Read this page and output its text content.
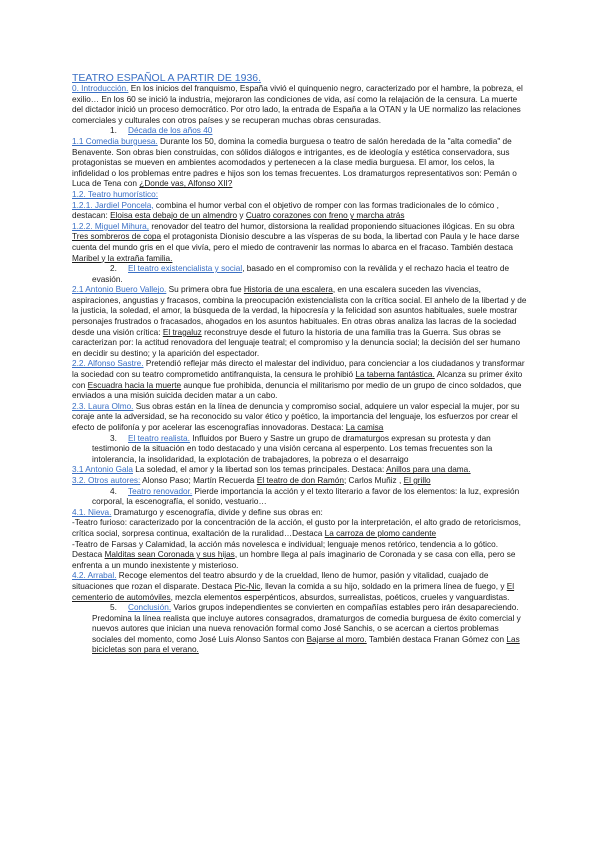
TEATRO ESPAÑOL A PARTIR DE 1936.

0. Introducción. En los inicios del franquismo, España vivió el quinquenio negro, caracterizado por el hambre, la pobreza, el exilio… En los 60 se inició la industria, mejoraron las condiciones de vida, así como la relajación de la censura. La muerte del dictador inició un proceso democrático. Por otro lado, la entrada de España a la OTAN y la UE normalizo las relaciones comerciales y culturales con otros países y se recuperan muchas obras censuradas.

1. Década de los años 40

1.1 Comedia burguesa. Durante los 50, domina la comedia burguesa o teatro de salón heredada de la "alta comedia" de Benavente. Son obras bien construidas, con sólidos diálogos e intrigantes, es de ideología y estética conservadora, sus protagonistas se mueven en ambientes acomodados y pertenecen a la clase media burguesa. El amor, los celos, la infidelidad o los problemas entre padres e hijos son los temas frecuentes. Los dramaturgos representativos son: Pemán o Luca de Tena con ¿Donde vas, Alfonso XII?

1.2. Teatro humorístico:

1.2.1. Jardiel Poncela, combina el humor verbal con el objetivo de romper con las formas tradicionales de lo cómico , destacan: Eloisa esta debajo de un almendro y Cuatro corazones con freno y marcha atrás

1.2.2. Miguel Mihura, renovador del teatro del humor, distorsiona la realidad proponiendo situaciones ilógicas. En su obra Tres sombreros de copa el protagonista Dionisio descubre a las vísperas de su boda, la libertad con Paula y le hace darse cuenta del mundo gris en el que vivía, pero el miedo de contravenir las normas lo abarca en el fracaso. También destaca Maribel y la extraña familia.

2. El teatro existencialista y social, basado en el compromiso con la revàlida y el rechazo hacia el teatro de evasión.

2.1 Antonio Buero Vallejo. Su primera obra fue Historia de una escalera, en una escalera suceden las vivencias, aspiraciones, angustias y fracasos, combina la preocupación existencialista con la crítica social. El anhelo de la libertad y de la justicia, la soledad, el amor, la búsqueda de la verdad, la hipocresía y la felicidad son asuntos habituales, suele mostrar personajes frustrados o fracasados, ahogados en los asuntos habituales. En otras obras analiza las lacras de la sociedad desde una visión crítica: El tragaluz reconstruye desde el futuro la historia de una familia tras la Guerra. Sus obras se caracterizan por: la actitud renovadora del lenguaje teatral; el compromiso y la denuncia social; la decisión del ser humano en decidir su destino; y la aparición del espectador.

2.2. Alfonso Sastre. Pretendió reflejar más directo el malestar del individuo, para concienciar a los ciudadanos y transformar la sociedad con su teatro comprometido antifranquista, la censura le prohibió La taberna fantástica. Alcanza su primer éxito con Escuadra hacia la muerte aunque fue prohibida, denuncia el militarismo por medio de un grupo de cinco soldados, que enviados a una misión suicida deciden matar a un cabo.

2.3. Laura Olmo. Sus obras están en la línea de denuncia y compromiso social, adquiere un valor especial la mujer, por su coraje ante la adversidad, se ha reconocido su valor ético y poético, la importancia del lenguaje, los esfuerzos por crear el efecto de polifonía y por acelerar las escenografías innovadoras. Destaca: La camisa

3. El teatro realista. Influidos por Buero y Sastre un grupo de dramaturgos expresan su protesta y dan testimonio de la situación en todo destacado y una visión cercana al esperpento. Los temas frecuentes son la intolerancia, la insolidaridad, la explotación de trabajadores, la pobreza o el desarraigo

3.1 Antonio Gala La soledad, el amor y la libertad son los temas principales. Destaca: Anillos para una dama.

3.2. Otros autores: Alonso Paso; Martín Recuerda El teatro de don Ramón; Carlos Muñiz , El grillo

4. Teatro renovador. Pierde importancia la acción y el texto literario a favor de los elementos: la luz, expresión corporal, la escenografía, el sonido, vestuario…

4.1. Nieva. Dramaturgo y escenografía, divide y define sus obras en:

-Teatro furioso: caracterizado por la concentración de la acción, el gusto por la interpretación, el alto grado de retoricismos, crítica social, sorpresa continua, exaltación de la ruralidad…Destaca La carroza de plomo candente

-Teatro de Farsas y Calamidad, la acción más novelesca e individual; lenguaje menos retórico, tendencia a lo gótico. Destaca Malditas sean Coronada y sus hijas, un hombre llega al país imaginario de Coronada y se casa con ella, pero se enfrenta a un mundo inexistente y misterioso.

4.2. Arrabal. Recoge elementos del teatro absurdo y de la crueldad, lleno de humor, pasión y vitalidad, cuajado de situaciones que rozan el disparate. Destaca Pic-Nic, llevan la comida a su hijo, soldado en la primera línea de fuego, y El cementerio de automóviles, mezcla elementos esperpénticos, absurdos, surrealistas, poéticos, crueles y vanguardistas.

5. Conclusión. Varios grupos independientes se convierten en compañías estables pero irán desapareciendo. Predomina la línea realista que incluye autores consagrados, dramaturgos de comedia burguesa de éxito comercial y nuevos autores que inician una nueva renovación formal como José Sanchis, o se acercan a ciertos problemas sociales del momento, como José Luis Alonso Santos con Bajarse al moro. También destaca Franan Gómez con Las bicicletas son para el verano.
